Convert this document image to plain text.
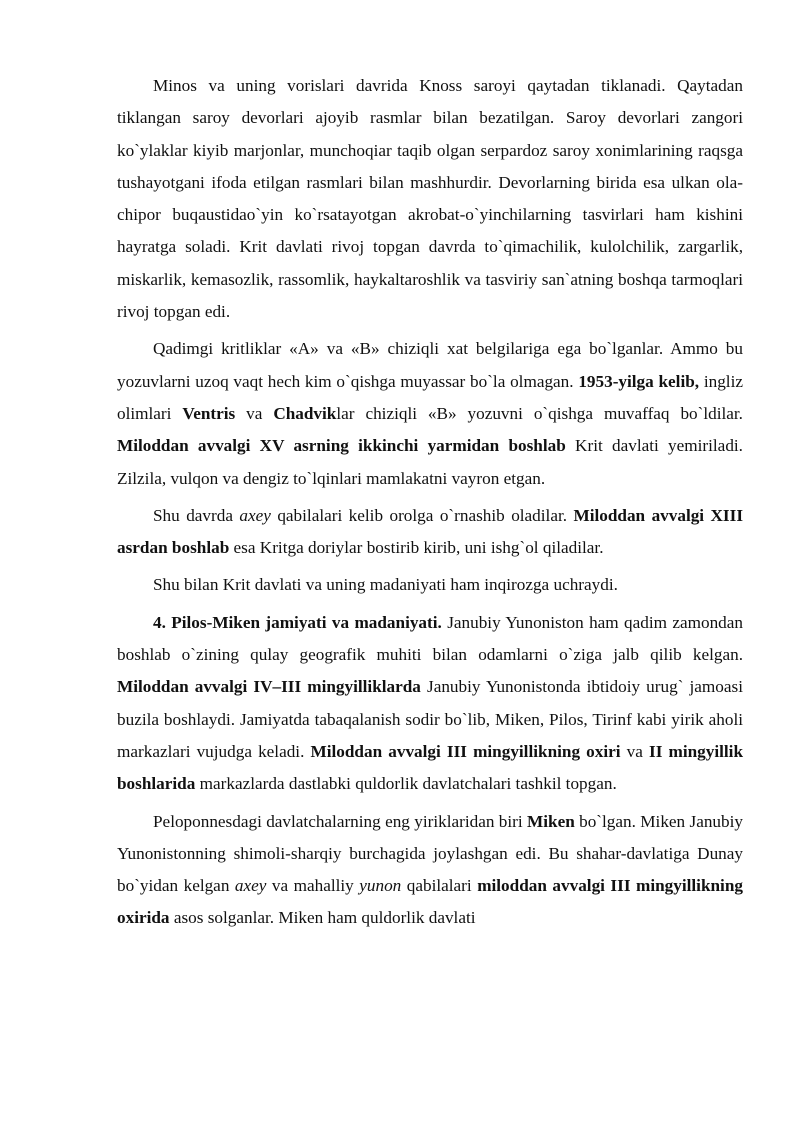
Minos va uning vorislari davrida Knoss saroyi qaytadan tiklanadi. Qaytadan tiklangan saroy devorlari ajoyib rasmlar bilan bezatilgan. Saroy devorlari zangori ko`ylaklar kiyib marjonlar, munchoqiar taqib olgan serpardoz saroy xonimlarining raqsga tushayotgani ifoda etilgan rasmlari bilan mashhurdir. Devorlarning birida esa ulkan ola-chipor buqaustidao`yin ko`rsatayotgan akrobat-o`yinchilarning tasvirlari ham kishini hayratga soladi. Krit davlati rivoj topgan davrda to`qimachilik, kulolchilik, zargarlik, miskarlik, kemasozlik, rassomlik, haykaltaroshlik va tasviriy san`atning boshqa tarmoqlari rivoj topgan edi.

Qadimgi kritliklar «A» va «B» chiziqli xat belgilariga ega bo`lganlar. Ammo bu yozuvlarni uzoq vaqt hech kim o`qishga muyassar bo`la olmagan. 1953-yilga kelib, ingliz olimlari Ventris va Chadviklar chiziqli «B» yozuvni o`qishga muvaffaq bo`ldilar. Miloddan avvalgi XV asrning ikkinchi yarmidan boshlab Krit davlati yemiriladi. Zilzila, vulqon va dengiz to`lqinlari mamlakatni vayron etgan.

Shu davrda axey qabilalari kelib orolga o`rnashib oladilar. Miloddan avvalgi XIII asrdan boshlab esa Kritga doriylar bostirib kirib, uni ishg`ol qiladilar.

Shu bilan Krit davlati va uning madaniyati ham inqirozga uchraydi.

4. Pilos-Miken jamiyati va madaniyati. Janubiy Yunoniston ham qadim zamondan boshlab o`zining qulay geografik muhiti bilan odamlarni o`ziga jalb qilib kelgan. Miloddan avvalgi IV–III mingyilliklarda Janubiy Yunonistonda ibtidoiy urug` jamoasi buzila boshlaydi. Jamiyatda tabaqalanish sodir bo`lib, Miken, Pilos, Tirinf kabi yirik aholi markazlari vujudga keladi. Miloddan avvalgi III mingyillikning oxiri va II mingyillik boshlarida markazlarda dastlabki quldorlik davlatchalari tashkil topgan.

Peloponnesdagi davlatchalarning eng yiriklaridan biri Miken bo`lgan. Miken Janubiy Yunonistonning shimoli-sharqiy burchagida joylashgan edi. Bu shahar-davlatiga Dunay bo`yidan kelgan axey va mahalliy yunon qabilalari miloddan avvalgi III mingyillikning oxirida asos solganlar. Miken ham quldorlik davlati
